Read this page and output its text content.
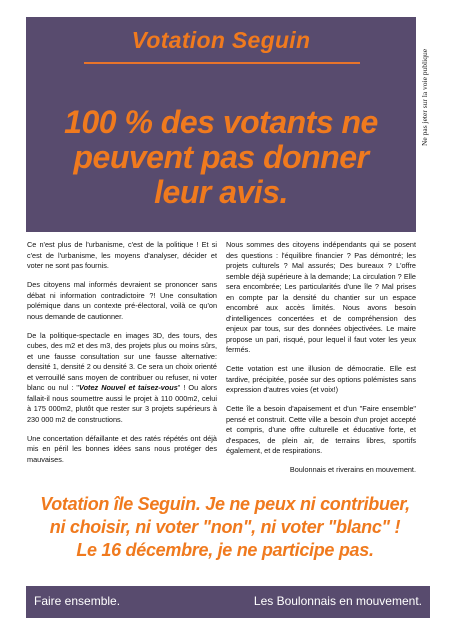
Votation Seguin
100 % des votants ne
peuvent pas donner
leur avis.
Ne pas jeter sur la voie publique

Ce n'est plus de l'urbanisme, c'est de la politique ! Et si c'est de l'urbanisme, les moyens d'analyser, décider et voter ne sont pas fournis.

Des citoyens mal informés devraient se prononcer sans débat ni information contradictoire ?! Une consultation polémique dans un contexte pré-électoral, voilà ce qu'on nous demande de cautionner.

De la politique-spectacle en images 3D, des tours, des cubes, des m2 et des m3, des projets plus ou moins sûrs, et une fausse consultation sur une fausse alternative: densité 1, densité 2 ou densité 3. Ce sera un choix orienté et verrouillé sans moyen de contribuer ou refuser, ni voter blanc ou nul : "Votez Nouvel et taisez-vous" ! Ou alors fallait-il nous soumettre aussi le projet à 110 000m2, celui à 175 000m2, plutôt que rester sur 3 projets supérieurs à 230 000 m2 de constructions.

Une concertation défaillante et des ratés répétés ont déjà mis en péril les bonnes idées sans nous protéger des mauvaises.

Nous sommes des citoyens indépendants qui se posent des questions : l'équilibre financier ? Pas démontré; les projets culturels ? Mal assurés; Des bureaux ? L'offre semble déjà supérieure à la demande; La circulation ? Elle sera encombrée; Les particularités d'une île ? Mal prises en compte par la densité du chantier sur un espace encombré aux accès limités. Nous avons besoin d'intelligences concertées et de compréhension des enjeux par tous, sur des données objectivées. Le maire propose un pari, risqué, pour lequel il faut voter les yeux fermés.

Cette votation est une illusion de démocratie. Elle est tardive, précipitée, posée sur des options polémistes sans expression d'autres voies (et voix!)

Cette île a besoin d'apaisement et d'un "Faire ensemble" pensé et construit. Cette ville a besoin d'un projet accepté et compris, d'une offre culturelle et éducative forte, et d'espaces, de plein air, de terrains libres, sportifs également, et de respirations.

Boulonnais et riverains en mouvement.

Votation île Seguin. Je ne peux ni contribuer,
ni choisir, ni voter "non", ni voter "blanc" !
Le 16 décembre, je ne participe pas.
Faire ensemble.	Les Boulonnais en mouvement.
